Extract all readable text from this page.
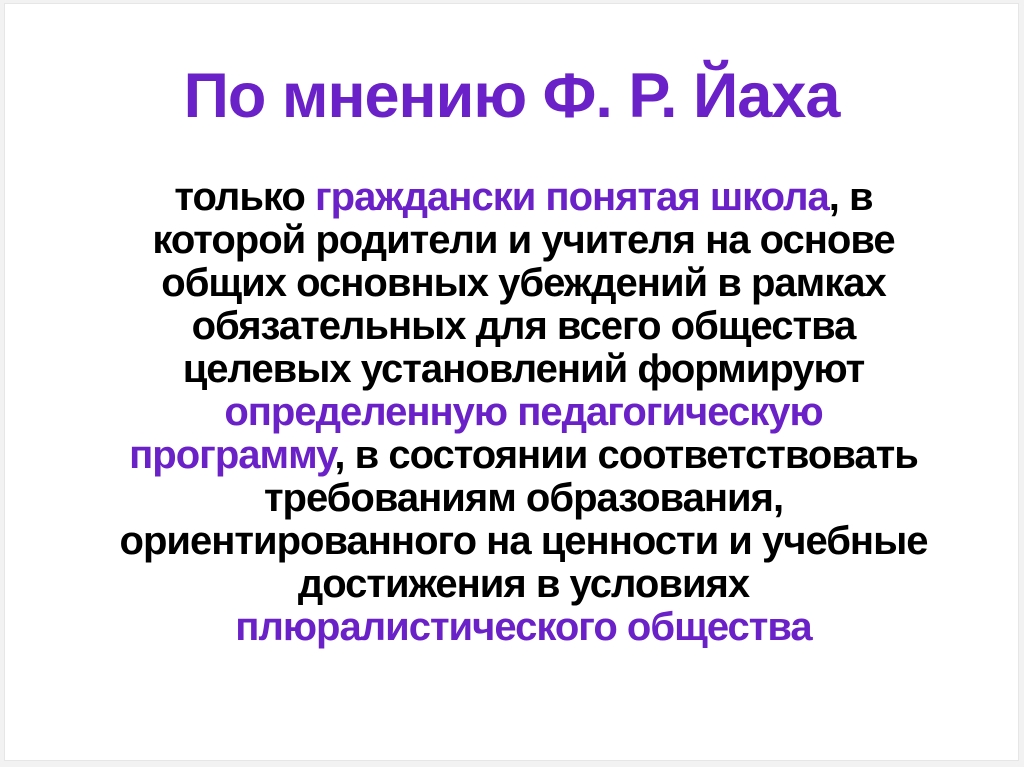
По мнению Ф. Р. Йаха
только граждански понятая школа, в
которой родители и учителя на основе
общих основных убеждений в рамках
обязательных для всего общества
целевых установлений формируют
определенную педагогическую
программу, в состоянии соответствовать
требованиям образования,
ориентированного на ценности и учебные
достижения в условиях
плюралистического общества
